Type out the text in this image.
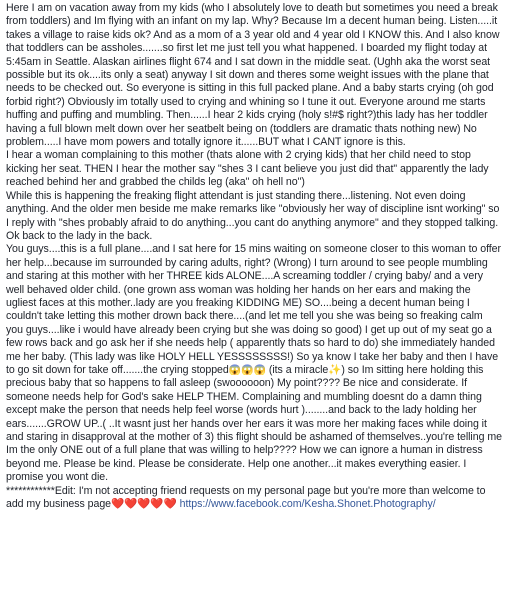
Here I am on vacation away from my kids (who I absolutely love to death but sometimes you need a break from toddlers) and Im flying with an infant on my lap. Why? Because Im a decent human being. Listen.....it takes a village to raise kids ok? And as a mom of a 3 year old and 4 year old I KNOW this. And I also know that toddlers can be assholes.......so first let me just tell you what happened. I boarded my flight today at 5:45am in Seattle. Alaskan airlines flight 674 and I sat down in the middle seat. (Ughh aka the worst seat possible but its ok....its only a seat) anyway I sit down and theres some weight issues with the plane that needs to be checked out. So everyone is sitting in this full packed plane. And a baby starts crying (oh god forbid right?) Obviously im totally used to crying and whining so I tune it out. Everyone around me starts huffing and puffing and mumbling. Then......I hear 2 kids crying (holy s!#$ right?)this lady has her toddler having a full blown melt down over her seatbelt being on (toddlers are dramatic thats nothing new) No problem.....I have mom powers and totally ignore it......BUT what I CANT ignore is this.

I hear a woman complaining to this mother (thats alone with 2 crying kids) that her child need to stop kicking her seat. THEN I hear the mother say "shes 3 I cant believe you just did that" apparently the lady reached behind her and grabbed the childs leg (aka" oh hell no")

While this is happening the freaking flight attendant is just standing there...listening. Not even doing anything. And the older men beside me make remarks like "obviously her way of discipline isnt working" so I reply with "shes probably afraid to do anything...you cant do anything anymore" and they stopped talking. Ok back to the lady in the back.

You guys....this is a full plane....and I sat here for 15 mins waiting on someone closer to this woman to offer her help...because im surrounded by caring adults, right? (Wrong) I turn around to see people mumbling and staring at this mother with her THREE kids ALONE....A screaming toddler / crying baby/ and a very well behaved older child. (one grown ass woman was holding her hands on her ears and making the ugliest faces at this mother..lady are you freaking KIDDING ME) SO....being a decent human being I couldn't take letting this mother drown back there....(and let me tell you she was being so freaking calm you guys....like i would have already been crying but she was doing so good) I get up out of my seat go a few rows back and go ask her if she needs help ( apparently thats so hard to do) she immediately handed me her baby. (This lady was like HOLY HELL YESSSSSSSS!) So ya know I take her baby and then I have to go sit down for take off.......the crying stopped😱😱😱 (its a miracle✨) so Im sitting here holding this precious baby that so happens to fall asleep (swoooooon) My point???? Be nice and considerate. If someone needs help for God's sake HELP THEM. Complaining and mumbling doesnt do a damn thing except make the person that needs help feel worse (words hurt )........and back to the lady holding her ears.......GROW UP..( ..It wasnt just her hands over her ears it was more her making faces while doing it and staring in disapproval at the mother of 3) this flight should be ashamed of themselves..you're telling me Im the only ONE out of a full plane that was willing to help???? How we can ignore a human in distress beyond me. Please be kind. Please be considerate. Help one another...it makes everything easier. I promise you wont die.

************Edit: I'm not accepting friend requests on my personal page but you're more than welcome to add my business page❤️❤️❤️❤️❤️ https://www.facebook.com/Kesha.Shonet.Photography/
